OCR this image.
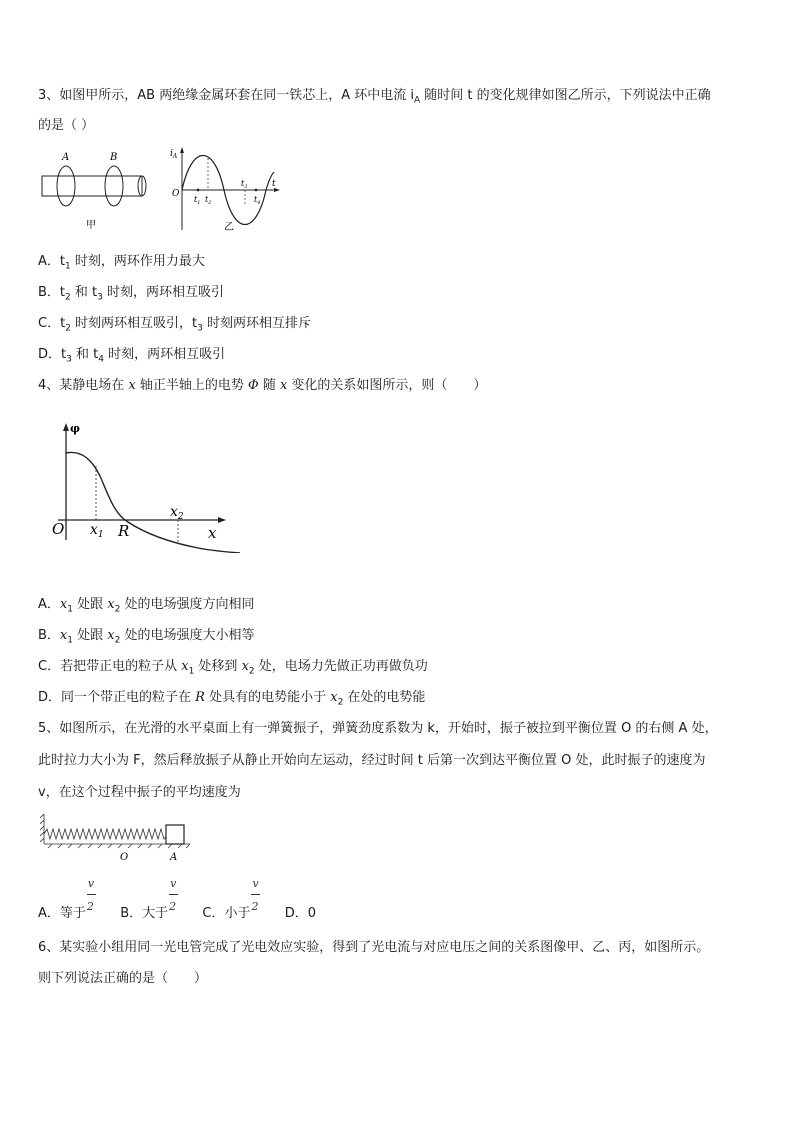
3、如图甲所示，AB 两绝缘金属环套在同一铁芯上，A 环中电流 $i_A$ 随时间 t 的变化规律如图乙所示，下列说法中正确
的是（ ）
A	B
甲
$i_A$
O
t
$t_1$ $t_2$
$t_3$
$t_4$
乙
A．$t_1$ 时刻，两环作用力最大
B．$t_2$ 和 $t_3$ 时刻，两环相互吸引
C．$t_2$ 时刻两环相互吸引，$t_3$ 时刻两环相互排斥
D．$t_3$ 和 $t_4$ 时刻，两环相互吸引
4、某静电场在 x 轴正半轴上的电势 Φ 随 x 变化的关系如图所示，则（　　）
φ
O $x_1$ R
$x_2$
x
A．$x_1$ 处跟 $x_2$ 处的电场强度方向相同
B．$x_1$ 处跟 $x_2$ 处的电场强度大小相等
C．若把带正电的粒子从 $x_1$ 处移到 $x_2$ 处，电场力先做正功再做负功
D．同一个带正电的粒子在 R 处具有的电势能小于 $x_2$ 在处的电势能
5、如图所示，在光滑的水平桌面上有一弹簧振子，弹簧劲度系数为 k，开始时，振子被拉到平衡位置 O 的右侧 A 处，
此时拉力大小为 F，然后释放振子从静止开始向左运动，经过时间 t 后第一次到达平衡位置 O 处，此时振子的速度为
v，在这个过程中振子的平均速度为
O	A
A．等于 $\frac{v}{2}$ B．大于 $\frac{v}{2}$ C．小于 $\frac{v}{2}$ D．0
6、某实验小组用同一光电管完成了光电效应实验，得到了光电流与对应电压之间的关系图像甲、乙、丙，如图所示。
则下列说法正确的是（　　）
